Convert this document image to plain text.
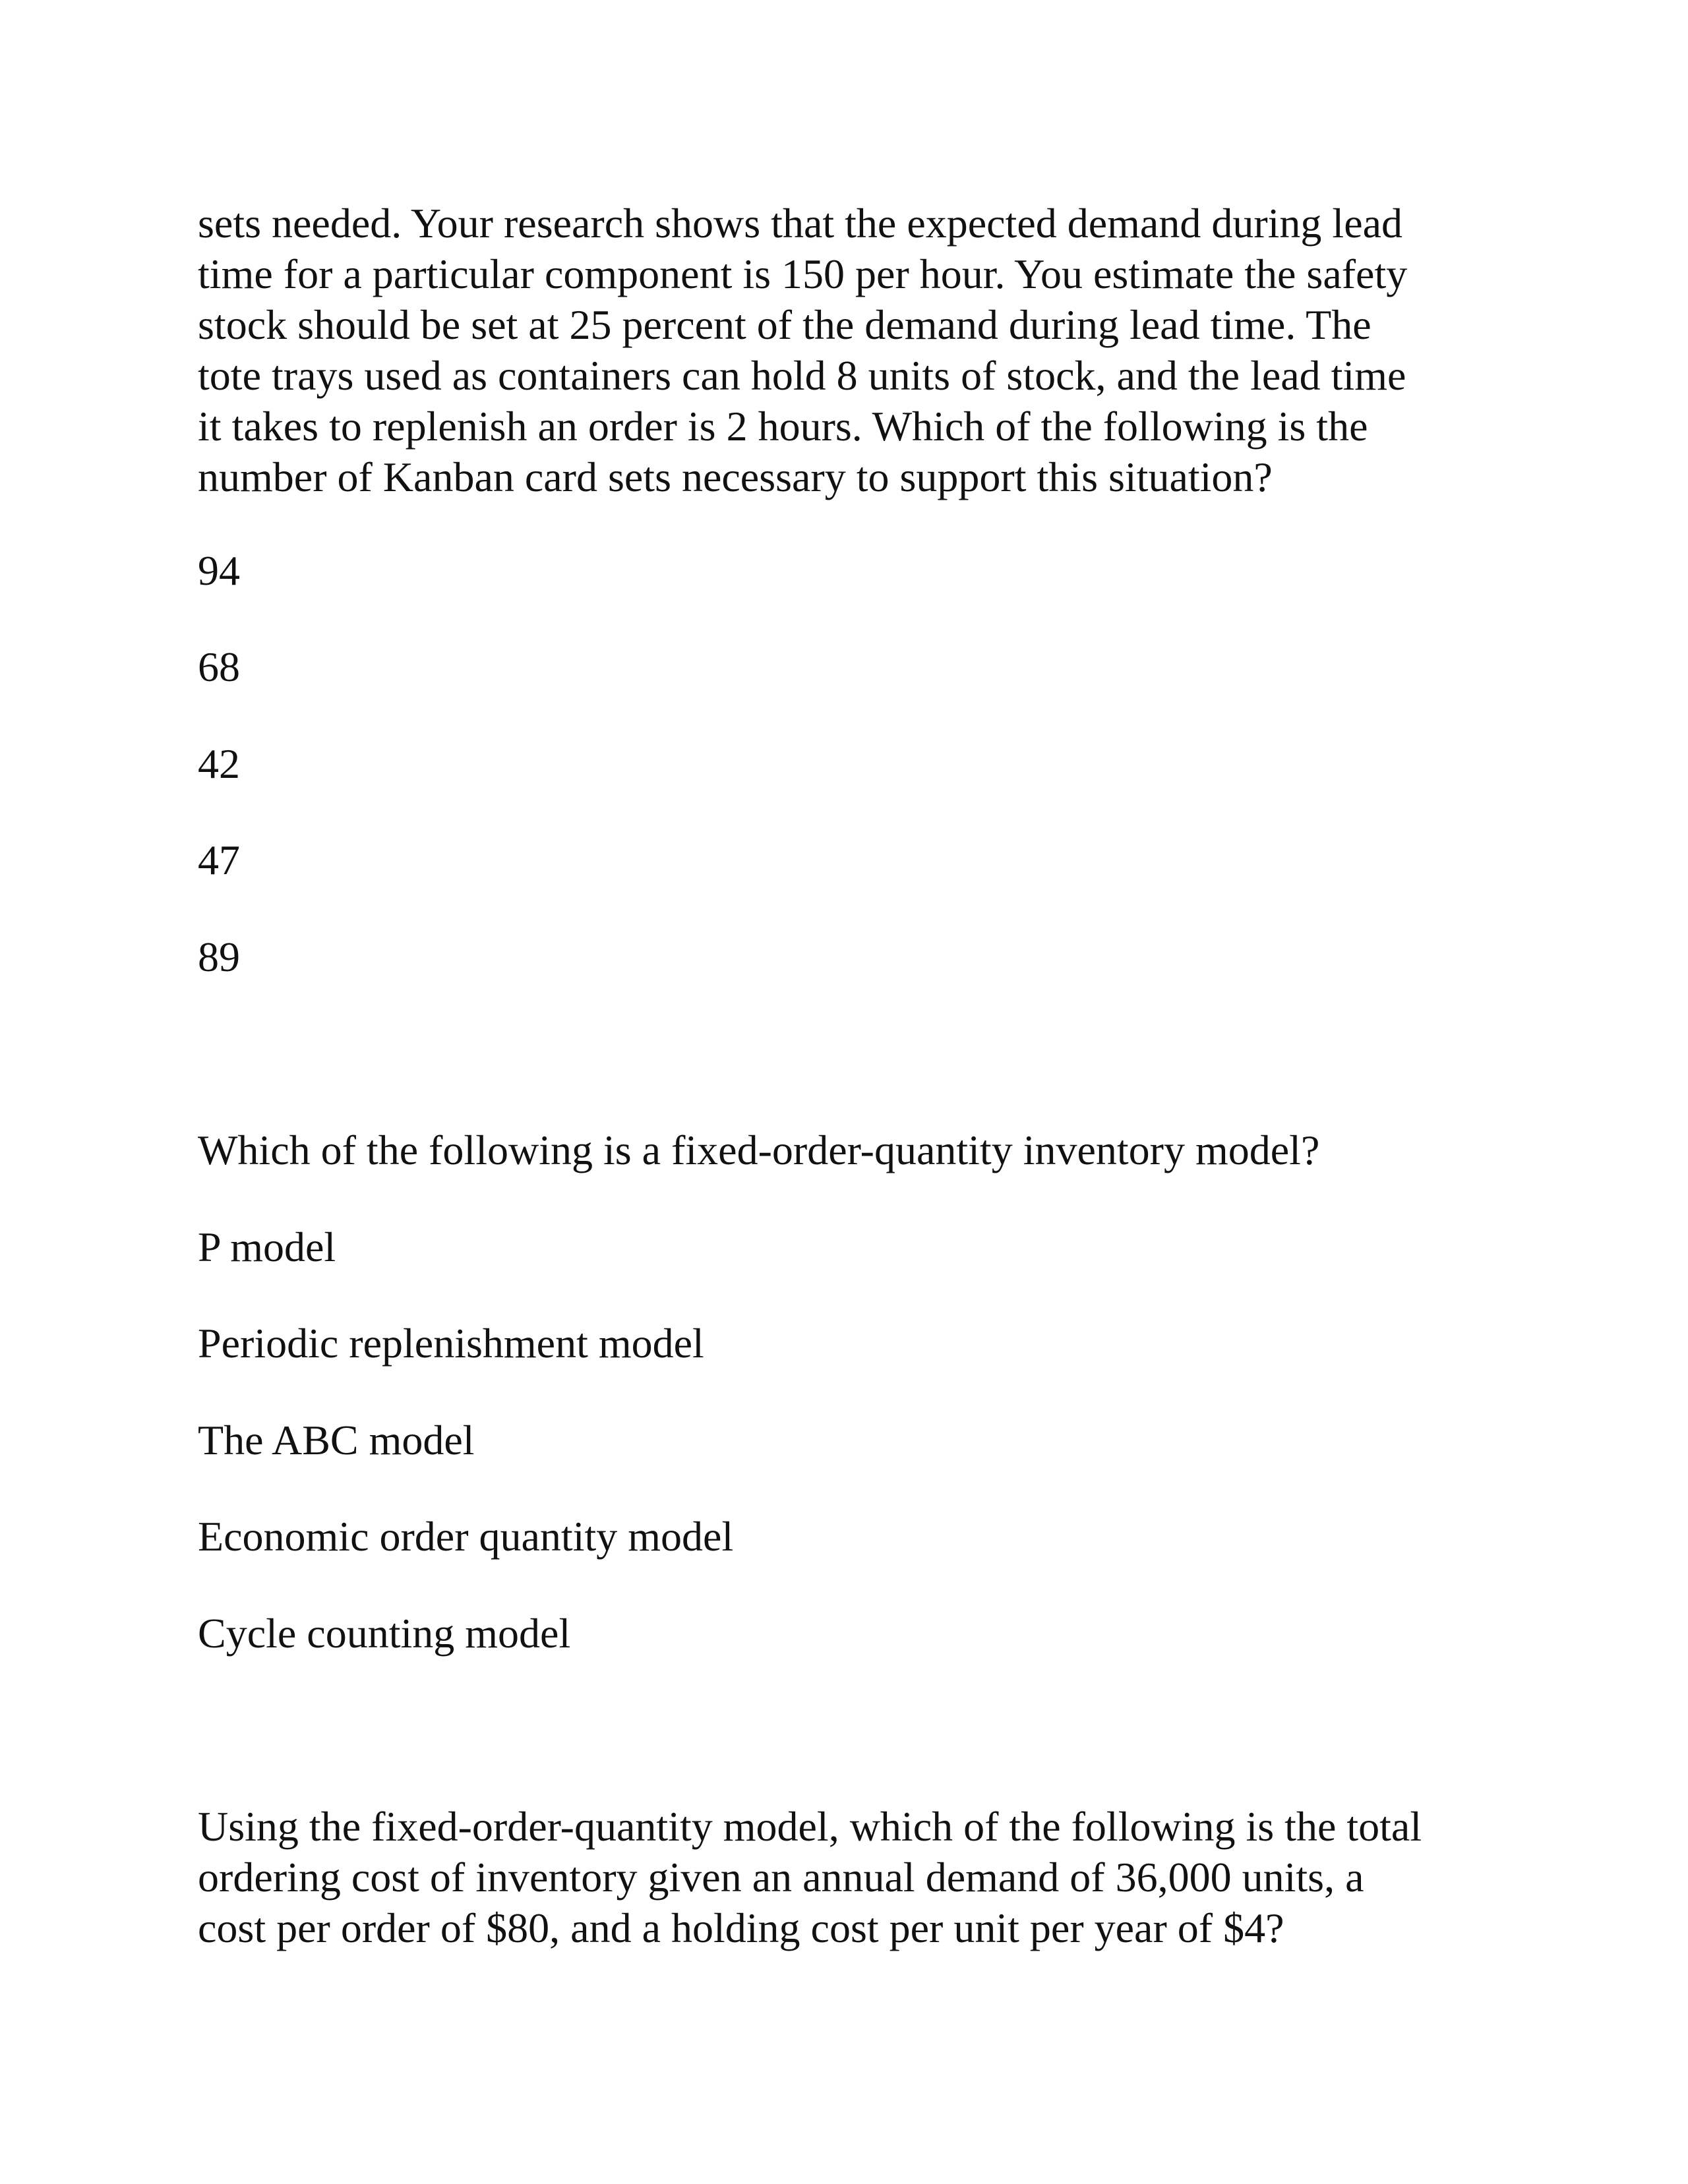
sets needed. Your research shows that the expected demand during lead
time for a particular component is 150 per hour. You estimate the safety
stock should be set at 25 percent of the demand during lead time. The
tote trays used as containers can hold 8 units of stock, and the lead time
it takes to replenish an order is 2 hours. Which of the following is the
number of Kanban card sets necessary to support this situation?

94

68

42

47

89

Which of the following is a fixed-order-quantity inventory model?

P model

Periodic replenishment model

The ABC model

Economic order quantity model

Cycle counting model

Using the fixed-order-quantity model, which of the following is the total
ordering cost of inventory given an annual demand of 36,000 units, a
cost per order of $80, and a holding cost per unit per year of $4?
